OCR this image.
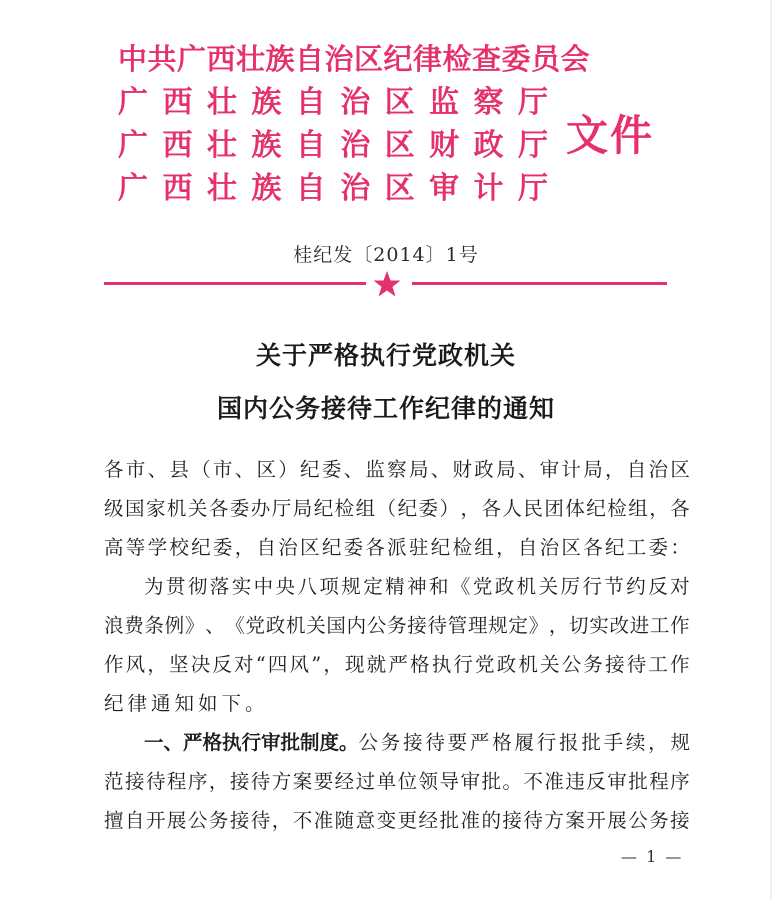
中共广西壮族自治区纪律检查委员会
广 西 壮 族 自 治 区 监 察 厅
广 西 壮 族 自 治 区 财 政 厅
广 西 壮 族 自 治 区 审 计 厅
文件
桂纪发〔2014〕1号
关于严格执行党政机关
国内公务接待工作纪律的通知
各 市 、 县 （ 市 、 区 ） 纪 委 、 监 察 局 、 财 政 局 、 审 计 局 ， 自 治 区
级 国 家 机 关 各 委 办 厅 局 纪 检 组 （ 纪 委 ） ， 各 人 民 团 体 纪 检 组 ， 各
高 等 学 校 纪 委 ， 自 治 区 纪 委 各 派 驻 纪 检 组 ， 自 治 区 各 纪 工 委 ：
为 贯 彻 落 实 中 央 八 项 规 定 精 神 和 《 党 政 机 关 厉 行 节 约 反 对
浪 费 条 例 》 、 《 党 政 机 关 国 内 公 务 接 待 管 理 规 定 》 ， 切 实 改 进 工 作
作 风 ， 坚 决 反 对 “ 四 风 ” ， 现 就 严 格 执 行 党 政 机 关 公 务 接 待 工 作
纪律通知如下。
一、严格执行审批制度。 公 务 接 待 要 严 格 履 行 报 批 手 续 ， 规
范 接 待 程 序 ， 接 待 方 案 要 经 过 单 位 领 导 审 批 。 不 准 违 反 审 批 程 序
擅 自 开 展 公 务 接 待 ， 不 准 随 意 变 更 经 批 准 的 接 待 方 案 开 展 公 务 接
— 1 —
